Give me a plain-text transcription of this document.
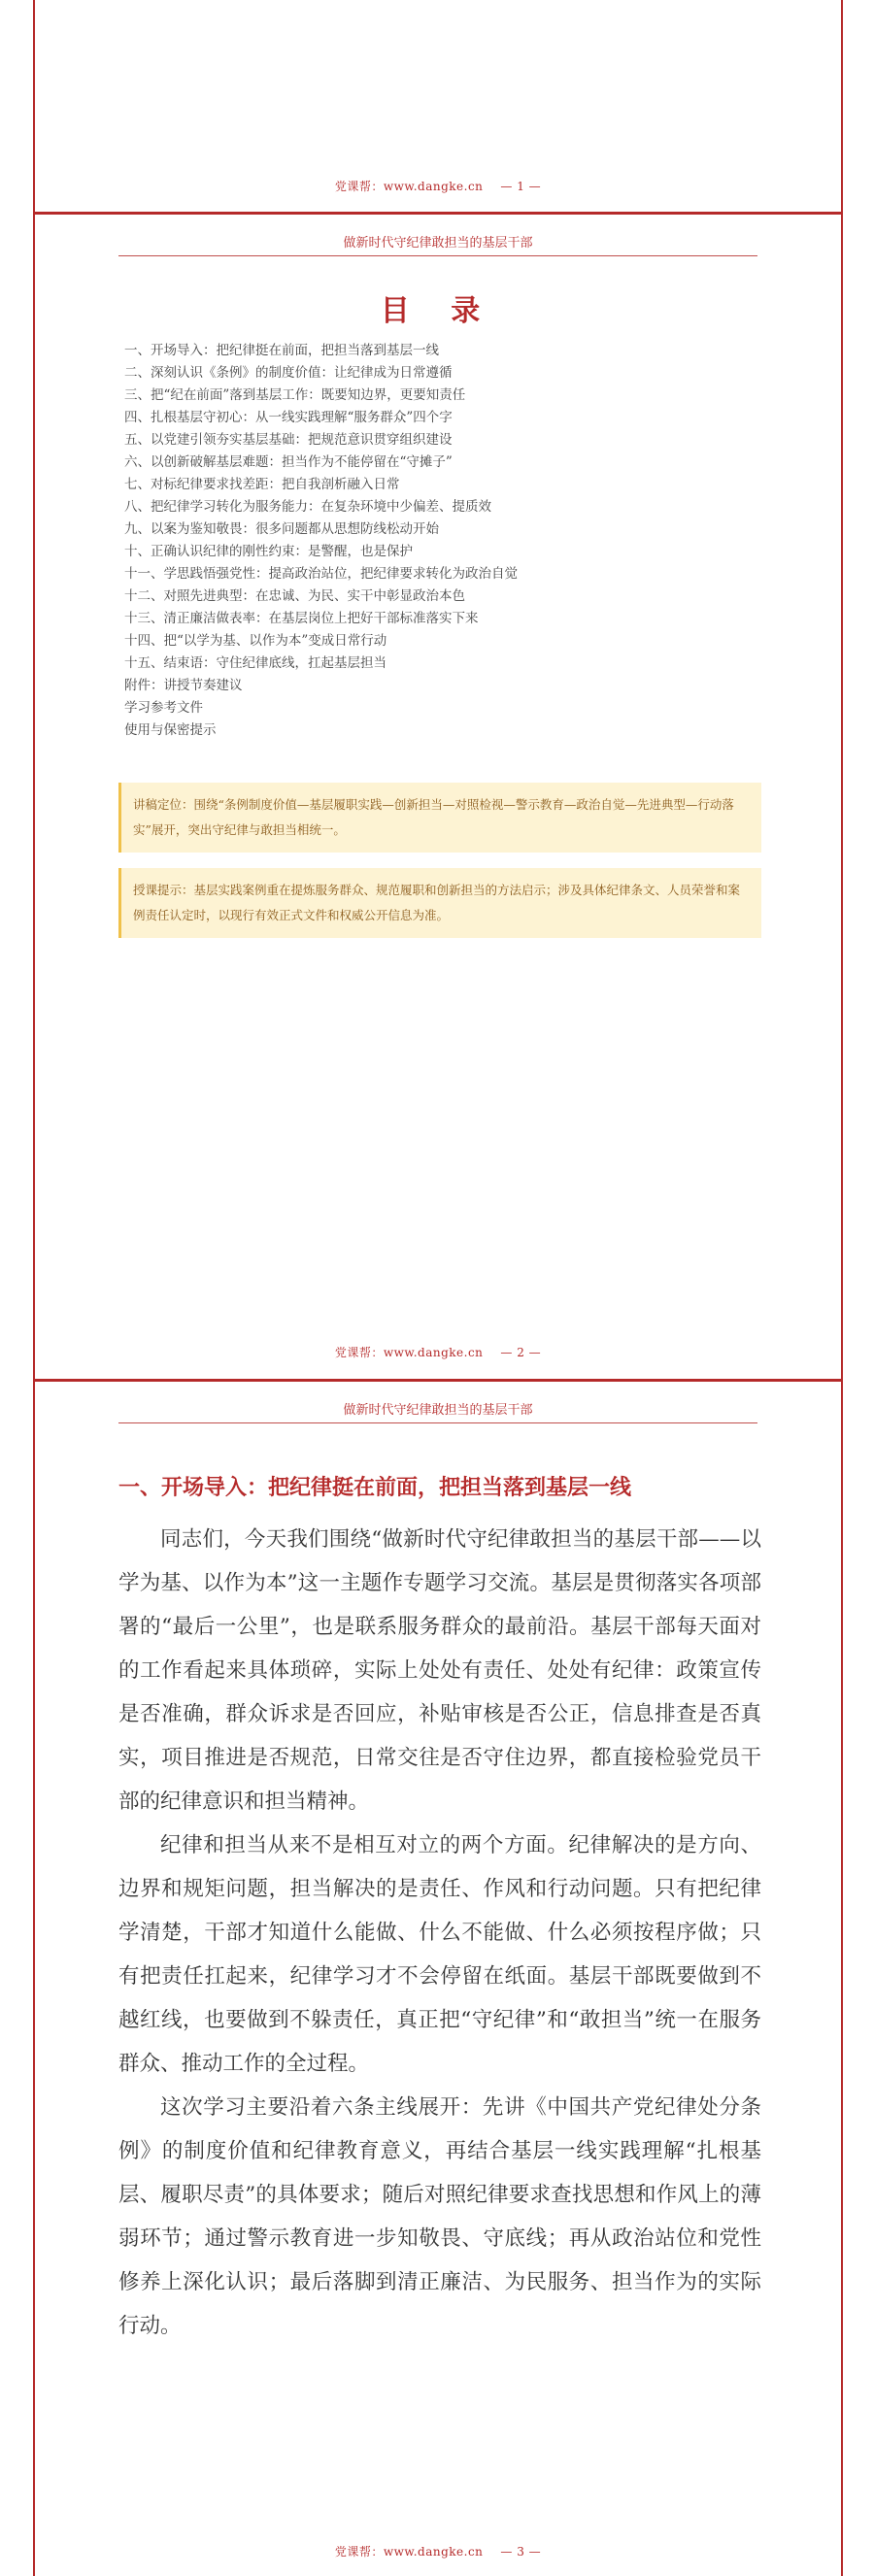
党课帮：www.dangke.cn — 1 —
做新时代守纪律敢担当的基层干部
目 录
一、开场导入：把纪律挺在前面，把担当落到基层一线
二、深刻认识《条例》的制度价值：让纪律成为日常遵循
三、把“纪在前面”落到基层工作：既要知边界，更要知责任
四、扎根基层守初心：从一线实践理解“服务群众”四个字
五、以党建引领夯实基层基础：把规范意识贯穿组织建设
六、以创新破解基层难题：担当作为不能停留在“守摊子”
七、对标纪律要求找差距：把自我剖析融入日常
八、把纪律学习转化为服务能力：在复杂环境中少偏差、提质效
九、以案为鉴知敬畏：很多问题都从思想防线松动开始
十、正确认识纪律的刚性约束：是警醒，也是保护
十一、学思践悟强党性：提高政治站位，把纪律要求转化为政治自觉
十二、对照先进典型：在忠诚、为民、实干中彰显政治本色
十三、清正廉洁做表率：在基层岗位上把好干部标准落实下来
十四、把“以学为基、以作为本”变成日常行动
十五、结束语：守住纪律底线，扛起基层担当
附件：讲授节奏建议
学习参考文件
使用与保密提示
讲稿定位：围绕“条例制度价值—基层履职实践—创新担当—对照检视—警示教育—政治自觉—先进典型—行动落实”展开，突出守纪律与敢担当相统一。
授课提示：基层实践案例重在提炼服务群众、规范履职和创新担当的方法启示；涉及具体纪律条文、人员荣誉和案例责任认定时，以现行有效正式文件和权威公开信息为准。
党课帮：www.dangke.cn — 2 —
做新时代守纪律敢担当的基层干部
一、开场导入：把纪律挺在前面，把担当落到基层一线

同志们，今天我们围绕“做新时代守纪律敢担当的基层干部——以学为基、以作为本”这一主题作专题学习交流。基层是贯彻落实各项部署的“最后一公里”，也是联系服务群众的最前沿。基层干部每天面对的工作看起来具体琐碎，实际上处处有责任、处处有纪律：政策宣传是否准确，群众诉求是否回应，补贴审核是否公正，信息排查是否真实，项目推进是否规范，日常交往是否守住边界，都直接检验党员干部的纪律意识和担当精神。

纪律和担当从来不是相互对立的两个方面。纪律解决的是方向、边界和规矩问题，担当解决的是责任、作风和行动问题。只有把纪律学清楚，干部才知道什么能做、什么不能做、什么必须按程序做；只有把责任扛起来，纪律学习才不会停留在纸面。基层干部既要做到不越红线，也要做到不躲责任，真正把“守纪律”和“敢担当”统一在服务群众、推动工作的全过程。

这次学习主要沿着六条主线展开：先讲《中国共产党纪律处分条例》的制度价值和纪律教育意义，再结合基层一线实践理解“扎根基层、履职尽责”的具体要求；随后对照纪律要求查找思想和作风上的薄弱环节；通过警示教育进一步知敬畏、守底线；再从政治站位和党性修养上深化认识；最后落脚到清正廉洁、为民服务、担当作为的实际行动。

党课帮：www.dangke.cn — 3 —
